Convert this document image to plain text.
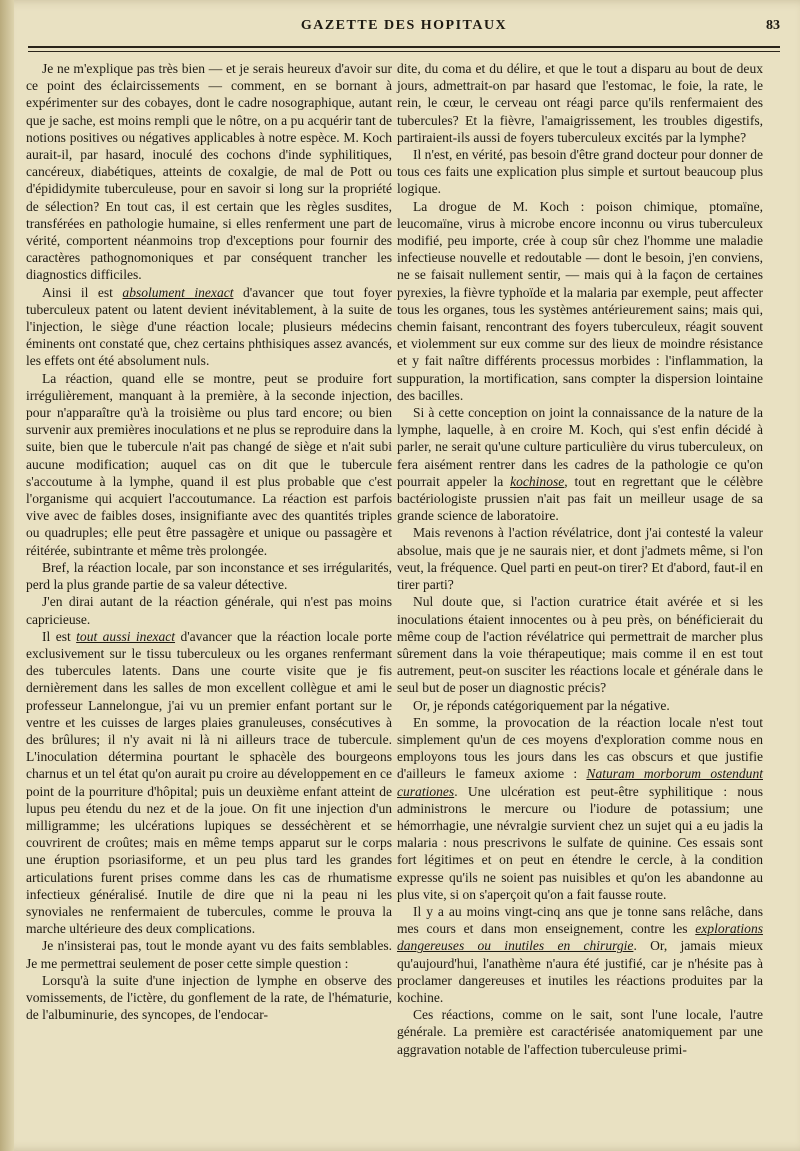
GAZETTE DES HOPITAUX	83

Je ne m'explique pas très bien — et je serais heureux d'avoir sur ce point des éclaircissements — comment, en se bornant à expérimenter sur des cobayes, dont le cadre nosographique, autant que je sache, est moins rempli que le nôtre, on a pu acquérir tant de notions positives ou négatives applicables à notre espèce. M. Koch aurait-il, par hasard, inoculé des cochons d'inde syphilitiques, cancéreux, diabétiques, atteints de coxalgie, de mal de Pott ou d'épididymite tuberculeuse, pour en savoir si long sur la propriété de sélection? En tout cas, il est certain que les règles susdites, transférées en pathologie humaine, si elles renferment une part de vérité, comportent néanmoins trop d'exceptions pour fournir des caractères pathognomoniques et par conséquent trancher les diagnostics difficiles.

Ainsi il est absolument inexact d'avancer que tout foyer tuberculeux patent ou latent devient inévitablement, à la suite de l'injection, le siège d'une réaction locale; plusieurs médecins éminents ont constaté que, chez certains phthisiques assez avancés, les effets ont été absolument nuls.

La réaction, quand elle se montre, peut se produire fort irrégulièrement, manquant à la première, à la seconde injection, pour n'apparaître qu'à la troisième ou plus tard encore; ou bien survenir aux premières inoculations et ne plus se reproduire dans la suite, bien que le tubercule n'ait pas changé de siège et n'ait subi aucune modification; auquel cas on dit que le tubercule s'accoutume à la lymphe, quand il est plus probable que c'est l'organisme qui acquiert l'accoutumance. La réaction est parfois vive avec de faibles doses, insignifiante avec des quantités triples ou quadruples; elle peut être passagère et unique ou passagère et réitérée, subintrante et même très prolongée.

Bref, la réaction locale, par son inconstance et ses irrégularités, perd la plus grande partie de sa valeur détective.

J'en dirai autant de la réaction générale, qui n'est pas moins capricieuse.

Il est tout aussi inexact d'avancer que la réaction locale porte exclusivement sur le tissu tuberculeux ou les organes renfermant des tubercules latents. Dans une courte visite que je fis dernièrement dans les salles de mon excellent collègue et ami le professeur Lannelongue, j'ai vu un premier enfant portant sur le ventre et les cuisses de larges plaies granuleuses, consécutives à des brûlures; il n'y avait ni là ni ailleurs trace de tubercule. L'inoculation détermina pourtant le sphacèle des bourgeons charnus et un tel état qu'on aurait pu croire au développement en ce point de la pourriture d'hôpital; puis un deuxième enfant atteint de lupus peu étendu du nez et de la joue. On fit une injection d'un milligramme; les ulcérations lupiques se desséchèrent et se couvrirent de croûtes; mais en même temps apparut sur le corps une éruption psoriasiforme, et un peu plus tard les grandes articulations furent prises comme dans les cas de rhumatisme infectieux généralisé. Inutile de dire que ni la peau ni les synoviales ne renfermaient de tubercules, comme le prouva la marche ultérieure des deux complications.

Je n'insisterai pas, tout le monde ayant vu des faits semblables. Je me permettrai seulement de poser cette simple question :

Lorsqu'à la suite d'une injection de lymphe en observe des vomissements, de l'ictère, du gonflement de la rate, de l'hématurie, de l'albuminurie, des syncopes, de l'endocar-

dite, du coma et du délire, et que le tout a disparu au bout de deux jours, admettrait-on par hasard que l'estomac, le foie, la rate, le rein, le cœur, le cerveau ont réagi parce qu'ils renfermaient des tubercules? Et la fièvre, l'amaigrissement, les troubles digestifs, partiraient-ils aussi de foyers tuberculeux excités par la lymphe?

Il n'est, en vérité, pas besoin d'être grand docteur pour donner de tous ces faits une explication plus simple et surtout beaucoup plus logique.

La drogue de M. Koch : poison chimique, ptomaïne, leucomaïne, virus à microbe encore inconnu ou virus tuberculeux modifié, peu importe, crée à coup sûr chez l'homme une maladie infectieuse nouvelle et redoutable — dont le besoin, j'en conviens, ne se faisait nullement sentir, — mais qui à la façon de certaines pyrexies, la fièvre typhoïde et la malaria par exemple, peut affecter tous les organes, tous les systèmes antérieurement sains; mais qui, chemin faisant, rencontrant des foyers tuberculeux, réagit souvent et violemment sur eux comme sur des lieux de moindre résistance et y fait naître différents processus morbides : l'inflammation, la suppuration, la mortification, sans compter la dispersion lointaine des bacilles.

Si à cette conception on joint la connaissance de la nature de la lymphe, laquelle, à en croire M. Koch, qui s'est enfin décidé à parler, ne serait qu'une culture particulière du virus tuberculeux, on fera aisément rentrer dans les cadres de la pathologie ce qu'on pourrait appeler la kochinose, tout en regrettant que le célèbre bactériologiste prussien n'ait pas fait un meilleur usage de sa grande science de laboratoire.

Mais revenons à l'action révélatrice, dont j'ai contesté la valeur absolue, mais que je ne saurais nier, et dont j'admets même, si l'on veut, la fréquence. Quel parti en peut-on tirer? Et d'abord, faut-il en tirer parti?

Nul doute que, si l'action curatrice était avérée et si les inoculations étaient innocentes ou à peu près, on bénéficierait du même coup de l'action révélatrice qui permettrait de marcher plus sûrement dans la voie thérapeutique; mais comme il en est tout autrement, peut-on susciter les réactions locale et générale dans le seul but de poser un diagnostic précis?

Or, je réponds catégoriquement par la négative.

En somme, la provocation de la réaction locale n'est tout simplement qu'un de ces moyens d'exploration comme nous en employons tous les jours dans les cas obscurs et que justifie d'ailleurs le fameux axiome : Naturam morborum ostendunt curationes. Une ulcération est peut-être syphilitique : nous administrons le mercure ou l'iodure de potassium; une hémorrhagie, une névralgie survient chez un sujet qui a eu jadis la malaria : nous prescrivons le sulfate de quinine. Ces essais sont fort légitimes et on peut en étendre le cercle, à la condition expresse qu'ils ne soient pas nuisibles et qu'on les abandonne au plus vite, si on s'aperçoit qu'on a fait fausse route.

Il y a au moins vingt-cinq ans que je tonne sans relâche, dans mes cours et dans mon enseignement, contre les explorations dangereuses ou inutiles en chirurgie. Or, jamais mieux qu'aujourd'hui, l'anathème n'aura été justifié, car je n'hésite pas à proclamer dangereuses et inutiles les réactions produites par la kochine.

Ces réactions, comme on le sait, sont l'une locale, l'autre générale. La première est caractérisée anatomiquement par une aggravation notable de l'affection tuberculeuse primi-
